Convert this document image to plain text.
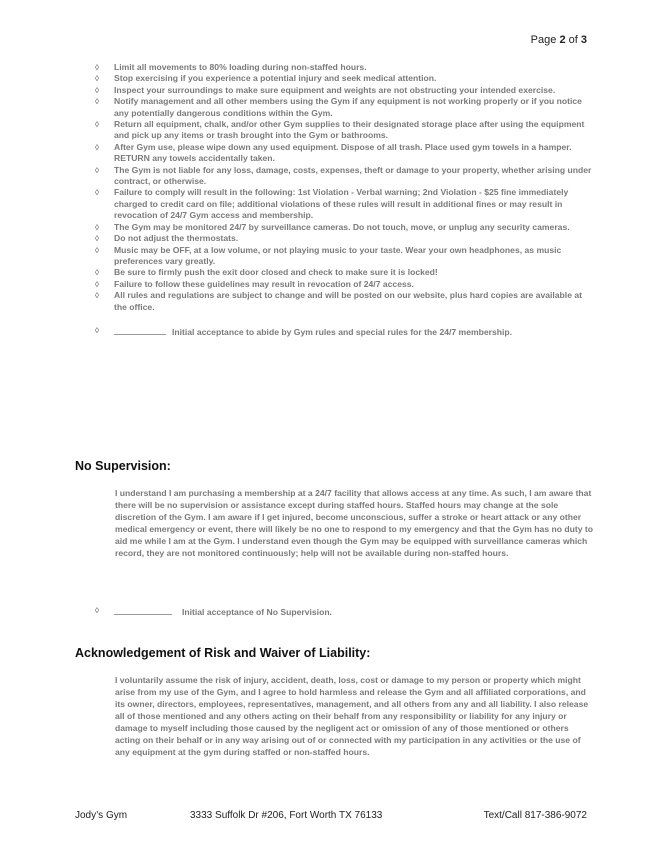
Page 2 of 3
◊ Limit all movements to 80% loading during non-staffed hours.
◊ Stop exercising if you experience a potential injury and seek medical attention.
◊ Inspect your surroundings to make sure equipment and weights are not obstructing your intended exercise.
◊ Notify management and all other members using the Gym if any equipment is not working properly or if you notice any potentially dangerous conditions within the Gym.
◊ Return all equipment, chalk, and/or other Gym supplies to their designated storage place after using the equipment and pick up any items or trash brought into the Gym or bathrooms.
◊ After Gym use, please wipe down any used equipment. Dispose of all trash. Place used gym towels in a hamper. RETURN any towels accidentally taken.
◊ The Gym is not liable for any loss, damage, costs, expenses, theft or damage to your property, whether arising under contract, or otherwise.
◊ Failure to comply will result in the following: 1st Violation - Verbal warning; 2nd Violation - $25 fine immediately charged to credit card on file; additional violations of these rules will result in additional fines or may result in revocation of 24/7 Gym access and membership.
◊ The Gym may be monitored 24/7 by surveillance cameras. Do not touch, move, or unplug any security cameras.
◊ Do not adjust the thermostats.
◊ Music may be OFF, at a low volume, or not playing music to your taste. Wear your own headphones, as music preferences vary greatly.
◊ Be sure to firmly push the exit door closed and check to make sure it is locked!
◊ Failure to follow these guidelines may result in revocation of 24/7 access.
◊ All rules and regulations are subject to change and will be posted on our website, plus hard copies are available at the office.
◊	Initial acceptance to abide by Gym rules and special rules for the 24/7 membership.
No Supervision:

I understand I am purchasing a membership at a 24/7 facility that allows access at any time. As such, I am aware that there will be no supervision or assistance except during staffed hours. Staffed hours may change at the sole discretion of the Gym. I am aware if I get injured, become unconscious, suffer a stroke or heart attack or any other medical emergency or event, there will likely be no one to respond to my emergency and that the Gym has no duty to aid me while I am at the Gym. I understand even though the Gym may be equipped with surveillance cameras which record, they are not monitored continuously; help will not be available during non-staffed hours.

◊	Initial acceptance of No Supervision.
Acknowledgement of Risk and Waiver of Liability:

I voluntarily assume the risk of injury, accident, death, loss, cost or damage to my person or property which might arise from my use of the Gym, and I agree to hold harmless and release the Gym and all affiliated corporations, and its owner, directors, employees, representatives, management, and all others from any and all liability. I also release all of those mentioned and any others acting on their behalf from any responsibility or liability for any injury or damage to myself including those caused by the negligent act or omission of any of those mentioned or others acting on their behalf or in any way arising out of or connected with my participation in any activities or the use of any equipment at the gym during staffed or non-staffed hours.

Jody’s Gym	3333 Suffolk Dr #206, Fort Worth TX 76133	Text/Call 817-386-9072
